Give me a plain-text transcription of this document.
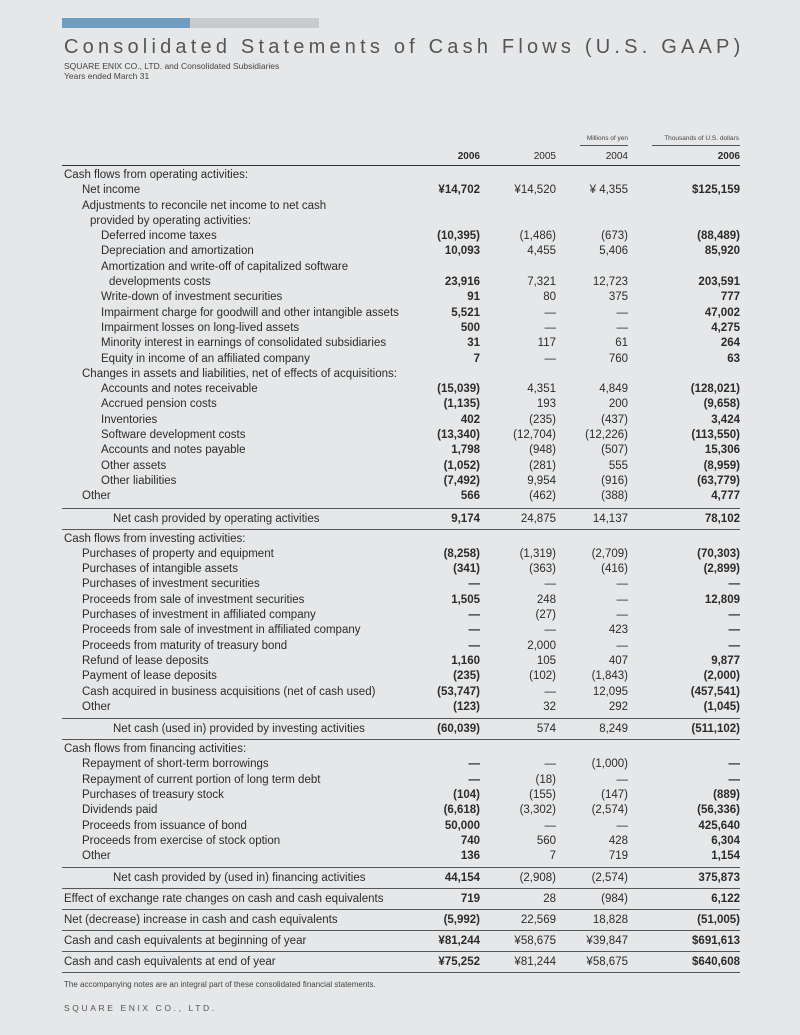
Consolidated Statements of Cash Flows (U.S. GAAP)
SQUARE ENIX CO., LTD. and Consolidated Subsidiaries
Years ended March 31
Millions of yen	Thousands of U.S. dollars
2006	2005	2004	2006
Cash flows from operating activities:
Net income	¥14,702	¥14,520	¥ 4,355	$125,159
Adjustments to reconcile net income to net cash
provided by operating activities:
Deferred income taxes	(10,395)	(1,486)	(673)	(88,489)
Depreciation and amortization	10,093	4,455	5,406	85,920
Amortization and write-off of capitalized software
developments costs	23,916	7,321	12,723	203,591
Write-down of investment securities	91	80	375	777
Impairment charge for goodwill and other intangible assets	5,521	—	—	47,002
Impairment losses on long-lived assets	500	—	—	4,275
Minority interest in earnings of consolidated subsidiaries	31	117	61	264
Equity in income of an affiliated company	7	—	760	63
Changes in assets and liabilities, net of effects of acquisitions:
Accounts and notes receivable	(15,039)	4,351	4,849	(128,021)
Accrued pension costs	(1,135)	193	200	(9,658)
Inventories	402	(235)	(437)	3,424
Software development costs	(13,340)	(12,704)	(12,226)	(113,550)
Accounts and notes payable	1,798	(948)	(507)	15,306
Other assets	(1,052)	(281)	555	(8,959)
Other liabilities	(7,492)	9,954	(916)	(63,779)
Other	566	(462)	(388)	4,777
Net cash provided by operating activities	9,174	24,875	14,137	78,102
Cash flows from investing activities:
Purchases of property and equipment	(8,258)	(1,319)	(2,709)	(70,303)
Purchases of intangible assets	(341)	(363)	(416)	(2,899)
Purchases of investment securities	—	—	—	—
Proceeds from sale of investment securities	1,505	248	—	12,809
Purchases of investment in affiliated company	—	(27)	—	—
Proceeds from sale of investment in affiliated company	—	—	423	—
Proceeds from maturity of treasury bond	—	2,000	—	—
Refund of lease deposits	1,160	105	407	9,877
Payment of lease deposits	(235)	(102)	(1,843)	(2,000)
Cash acquired in business acquisitions (net of cash used)	(53,747)	—	12,095	(457,541)
Other	(123)	32	292	(1,045)
Net cash (used in) provided by investing activities	(60,039)	574	8,249	(511,102)
Cash flows from financing activities:
Repayment of short-term borrowings	—	—	(1,000)	—
Repayment of current portion of long term debt	—	(18)	—	—
Purchases of treasury stock	(104)	(155)	(147)	(889)
Dividends paid	(6,618)	(3,302)	(2,574)	(56,336)
Proceeds from issuance of bond	50,000	—	—	425,640
Proceeds from exercise of stock option	740	560	428	6,304
Other	136	7	719	1,154
Net cash provided by (used in) financing activities	44,154	(2,908)	(2,574)	375,873
Effect of exchange rate changes on cash and cash equivalents	719	28	(984)	6,122
Net (decrease) increase in cash and cash equivalents	(5,992)	22,569	18,828	(51,005)
Cash and cash equivalents at beginning of year	¥81,244	¥58,675	¥39,847	$691,613
Cash and cash equivalents at end of year	¥75,252	¥81,244	¥58,675	$640,608
The accompanying notes are an integral part of these consolidated financial statements.
SQUARE ENIX CO., LTD.
